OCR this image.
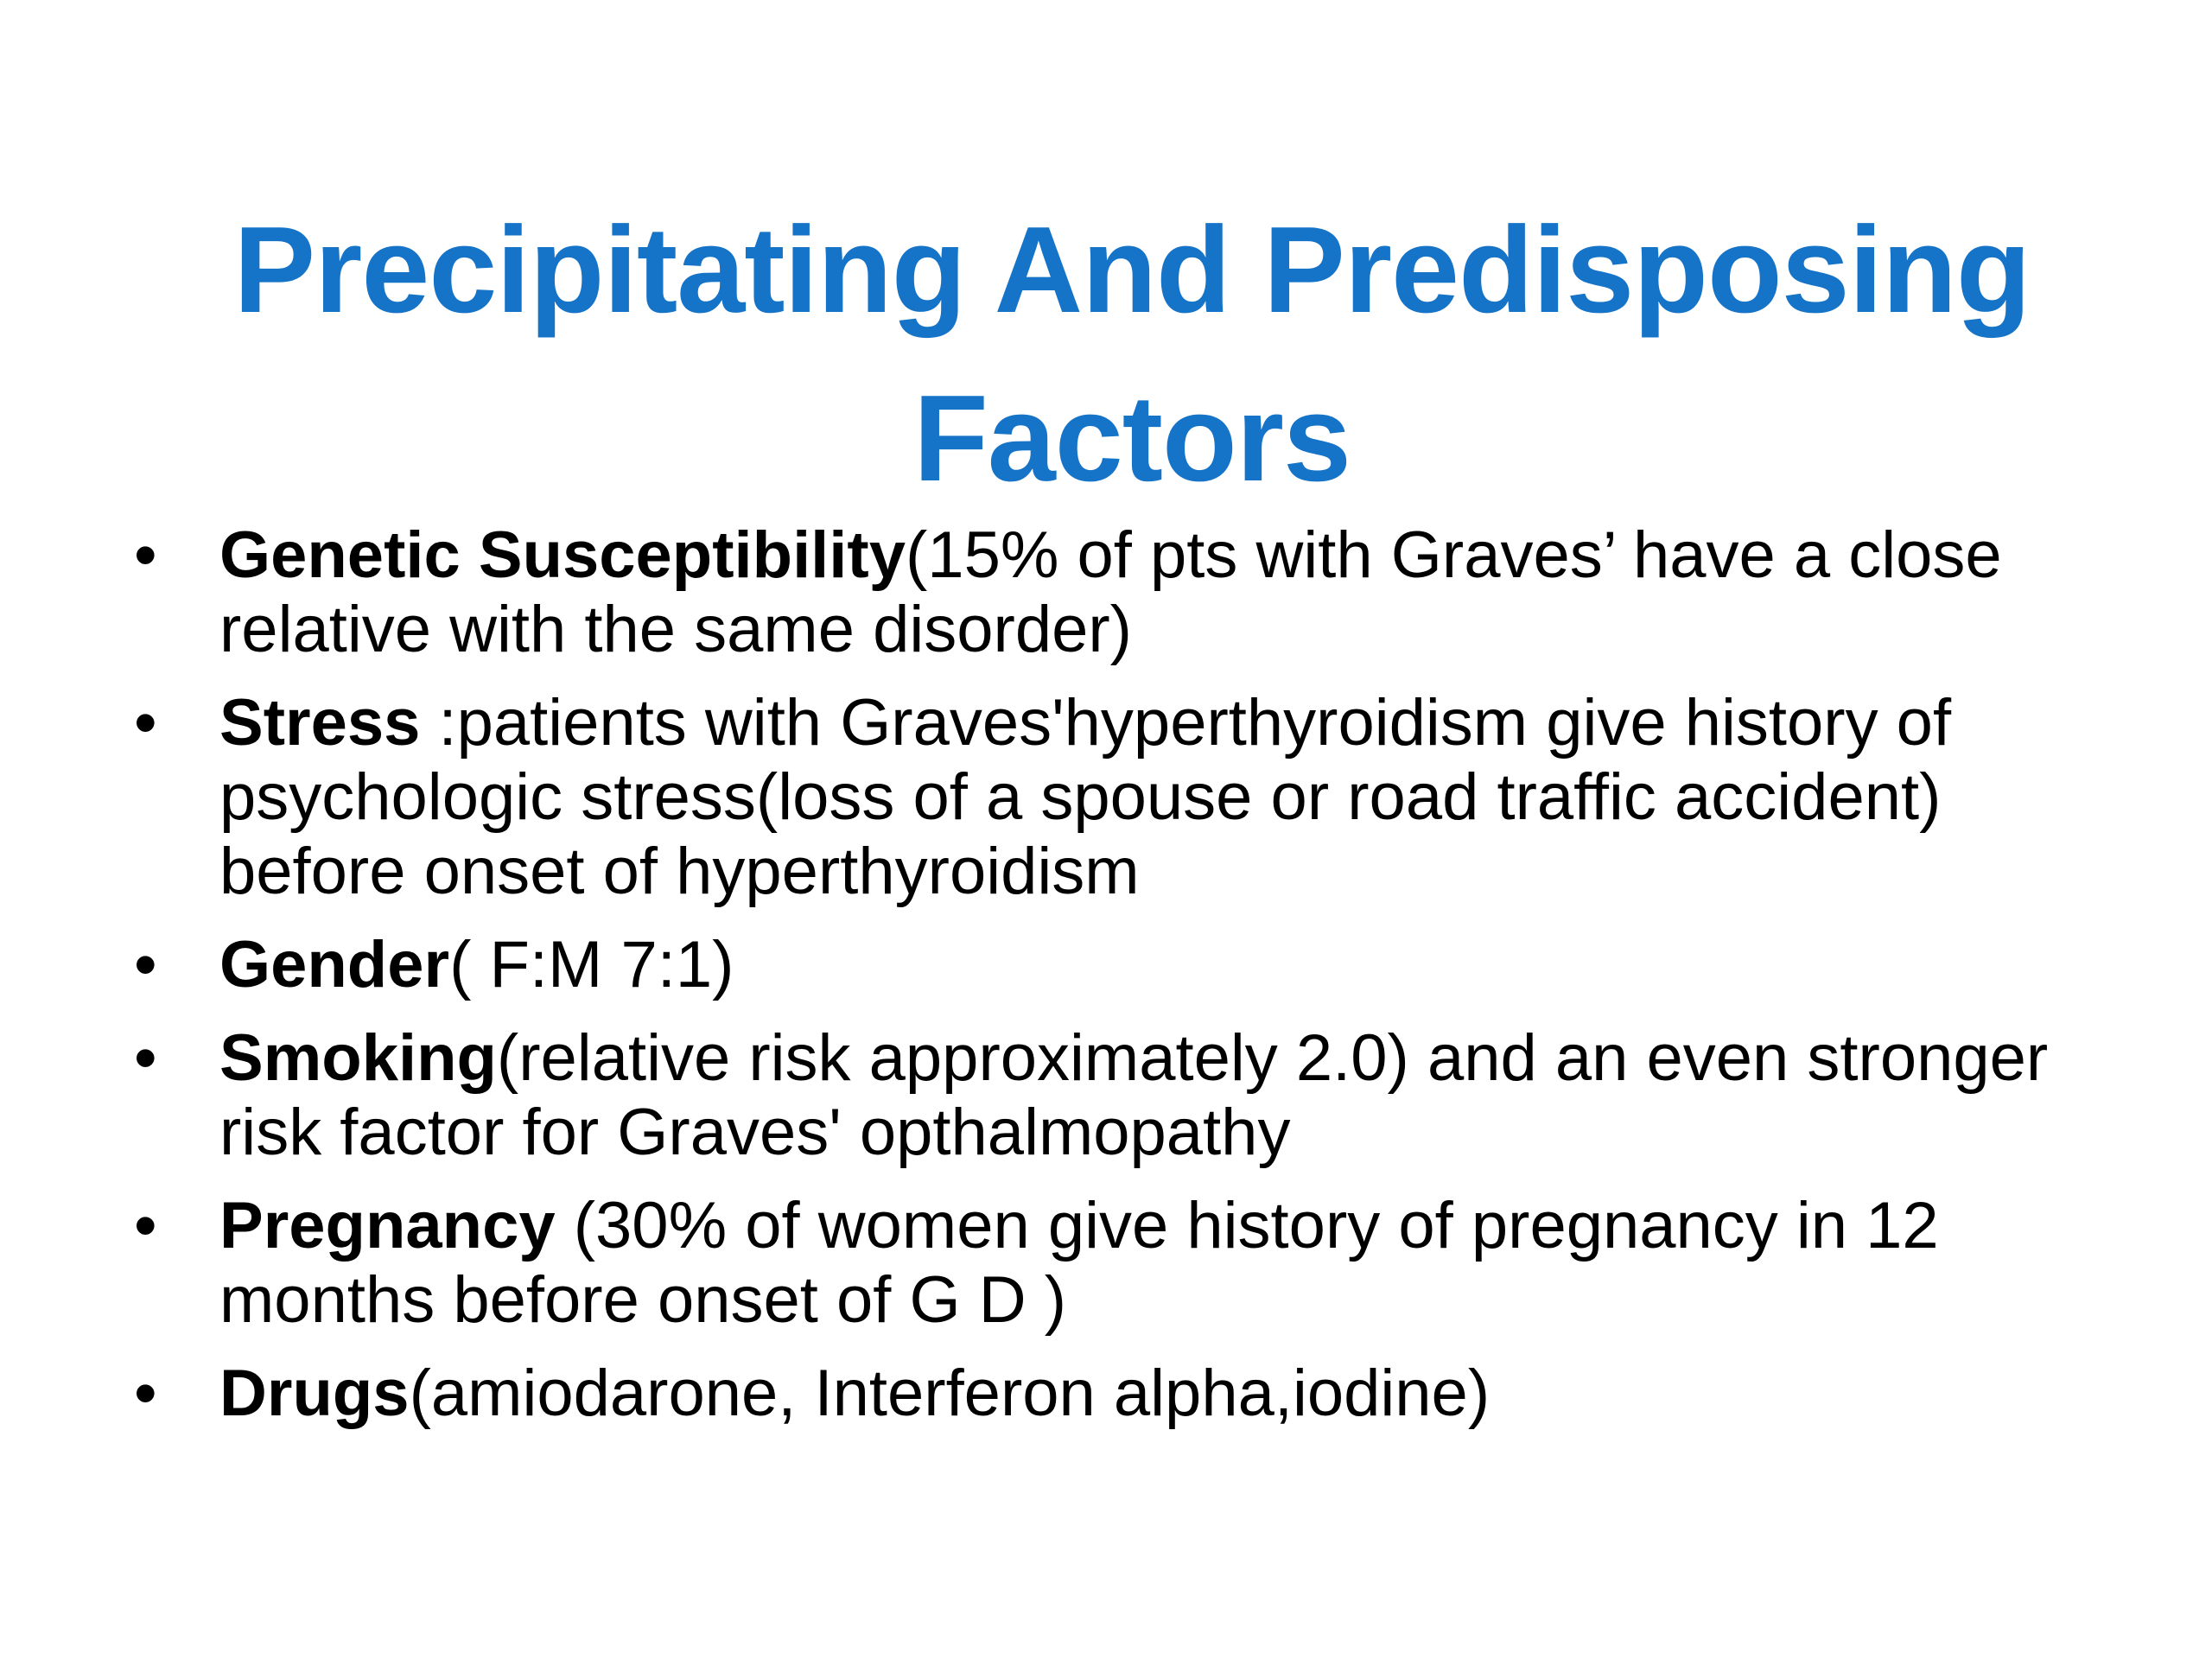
Precipitating And Predisposing
Factors
• Genetic Susceptibility(15% of pts with Graves’ have a close relative with the same disorder)
• Stress :patients with Graves'hyperthyroidism give history of psychologic stress(loss of a spouse or road traffic accident) before onset of hyperthyroidism
• Gender( F:M 7:1)
• Smoking(relative risk approximately 2.0) and an even stronger risk factor for Graves' opthalmopathy
• Pregnancy (30% of women give history of pregnancy in 12 months before onset of G D )
• Drugs(amiodarone, Interferon alpha,iodine)
